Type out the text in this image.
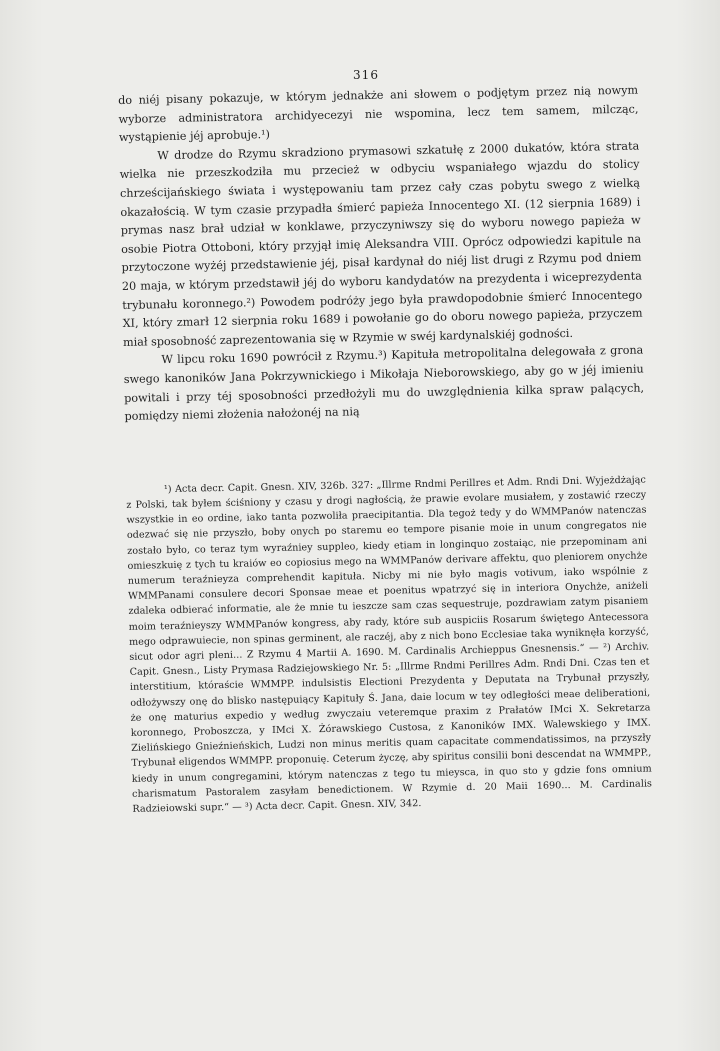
316

do niéj pisany pokazuje, w którym jednakże ani słowem o podjętym przez nią nowym wyborze administratora archidyecezyi nie wspomina, lecz tem samem, milcząc, wystąpienie jéj aprobuje.¹)

W drodze do Rzymu skradziono prymasowi szkatułę z 2000 dukatów, która strata wielka nie przeszkodziła mu przecież w odbyciu wspaniałego wjazdu do stolicy chrześcijańskiego świata i występowaniu tam przez cały czas pobytu swego z wielką okazałością. W tym czasie przypadła śmierć papieża Innocentego XI. (12 sierpnia 1689) i prymas nasz brał udział w konklawe, przyczyniwszy się do wyboru nowego papieża w osobie Piotra Ottoboni, który przyjął imię Aleksandra VIII. Oprócz odpowiedzi kapitule na przytoczone wyżéj przedstawienie jéj, pisał kardynał do niéj list drugi z Rzymu pod dniem 20 maja, w którym przedstawił jéj do wyboru kandydatów na prezydenta i wiceprezydenta trybunału koronnego.²) Powodem podróży jego była prawdopodobnie śmierć Innocentego XI, który zmarł 12 sierpnia roku 1689 i powołanie go do oboru nowego papieża, przyczem miał sposobność zaprezentowania się w Rzymie w swéj kardynalskiéj godności.

W lipcu roku 1690 powrócił z Rzymu.³) Kapituła metropolitalna delegowała z grona swego kanoników Jana Pokrzywnickiego i Mikołaja Nieborowskiego, aby go w jéj imieniu powitali i przy téj sposobności przedłożyli mu do uwzględnienia kilka spraw palących, pomiędzy niemi złożenia nałożonéj na nią

¹) Acta decr. Capit. Gnesn. XIV, 326b. 327: „Illrme Rndmi Perillres et Adm. Rndi Dni. Wyjeżdżając z Polski, tak byłem ściśniony y czasu y drogi nagłością, że prawie evolare musiałem, y zostawić rzeczy wszystkie in eo ordine, iako tanta pozwoliła praecipitantia. Dla tegoż tedy y do WMMPanów natenczas odezwać się nie przyszło, boby onych po staremu eo tempore pisanie moie in unum congregatos nie zostało było, co teraz tym wyraźniey suppleo, kiedy etiam in longinquo zostaiąc, nie przepominam ani omieszkuię z tych tu kraiów eo copiosius mego na WMMPanów derivare affektu, quo pleniorem onychże numerum teraźnieyza comprehendit kapituła. Nicby mi nie było magis votivum, iako wspólnie z WMMPanami consulere decori Sponsae meae et poenitus wpatrzyć się in interiora Onychże, aniżeli zdaleka odbierać informatie, ale że mnie tu ieszcze sam czas sequestruje, pozdrawiam zatym pisaniem moim teraźnieyszy WMMPanów kongress, aby rady, które sub auspiciis Rosarum świętego Antecessora mego odprawuiecie, non spinas germinent, ale raczéj, aby z nich bono Ecclesiae taka wyniknęła korzyść, sicut odor agri pleni... Z Rzymu 4 Martii A. 1690. M. Cardinalis Archieppus Gnesnensis.“ — ²) Archiv. Capit. Gnesn., Listy Prymasa Radziejowskiego Nr. 5: „Illrme Rndmi Perillres Adm. Rndi Dni. Czas ten et interstitium, któraście WMMPP. indulsistis Electioni Prezydenta y Deputata na Trybunał przyszły, odłożywszy onę do blisko następuiący Kapituły Ś. Jana, daie locum w tey odległości meae deliberationi, że onę maturius expedio y według zwyczaiu veteremque praxim z Prałatów IMci X. Sekretarza koronnego, Proboszcza, y IMci X. Żórawskiego Custosa, z Kanoników IMX. Walewskiego y IMX. Zielińskiego Gnieźnieńskich, Ludzi non minus meritis quam capacitate commendatissimos, na przyszły Trybunał eligendos WMMPP. proponuię. Ceterum życzę, aby spiritus consilii boni descendat na WMMPP., kiedy in unum congregamini, którym natenczas z tego tu mieysca, in quo sto y gdzie fons omnium charismatum Pastoralem zasyłam benedictionem. W Rzymie d. 20 Maii 1690... M. Cardinalis Radzieiowski supr.“ — ³) Acta decr. Capit. Gnesn. XIV, 342.
